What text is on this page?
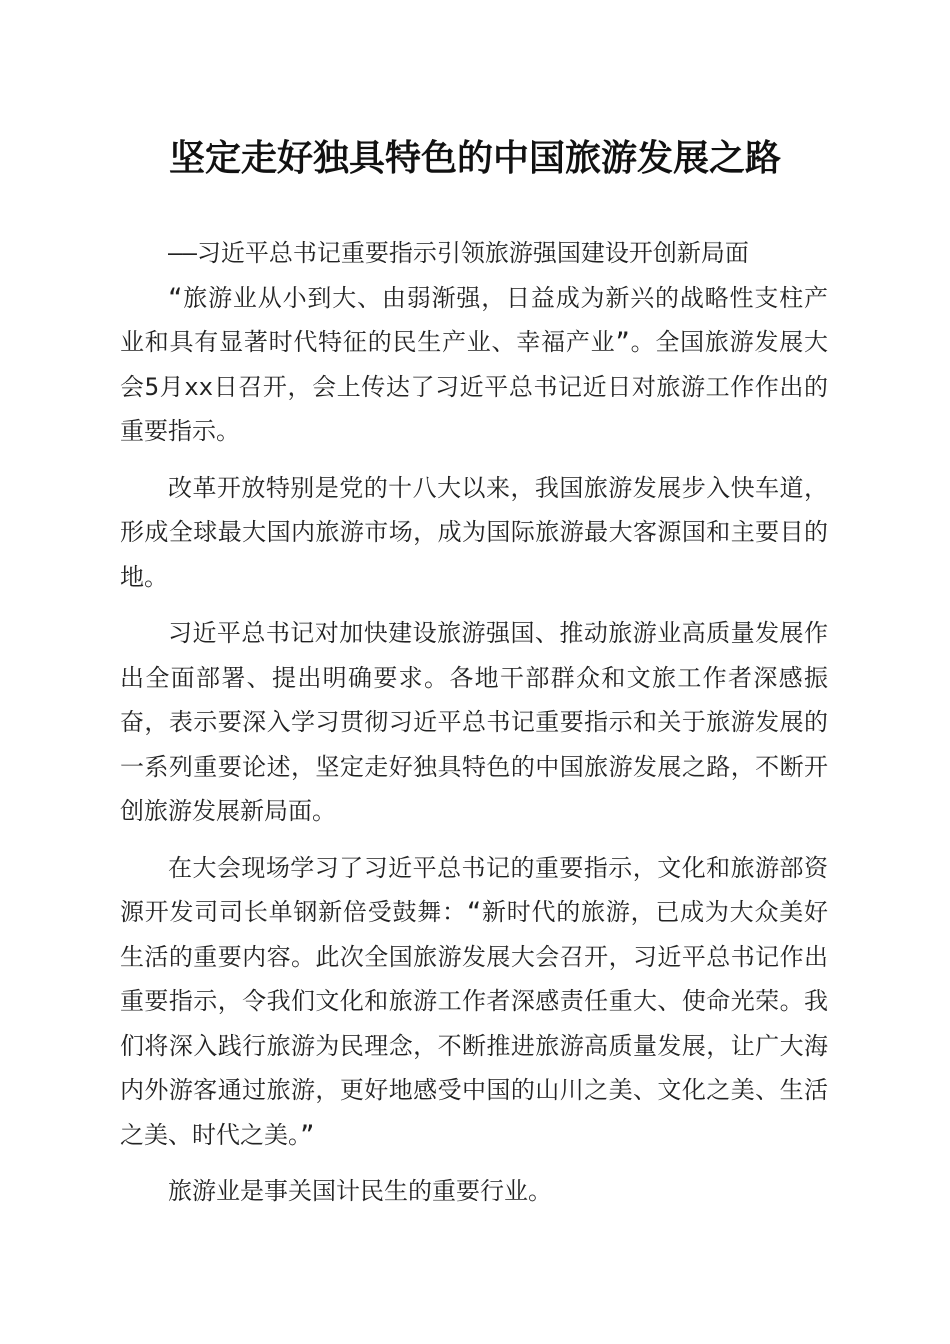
坚定走好独具特色的中国旅游发展之路

——习近平总书记重要指示引领旅游强国建设开创新局面

“旅游业从小到大、由弱渐强，日益成为新兴的战略性支柱产业和具有显著时代特征的民生产业、幸福产业”。全国旅游发展大会5月xx日召开，会上传达了习近平总书记近日对旅游工作作出的重要指示。

改革开放特别是党的十八大以来，我国旅游发展步入快车道，形成全球最大国内旅游市场，成为国际旅游最大客源国和主要目的地。

习近平总书记对加快建设旅游强国、推动旅游业高质量发展作出全面部署、提出明确要求。各地干部群众和文旅工作者深感振奋，表示要深入学习贯彻习近平总书记重要指示和关于旅游发展的一系列重要论述，坚定走好独具特色的中国旅游发展之路，不断开创旅游发展新局面。

在大会现场学习了习近平总书记的重要指示，文化和旅游部资源开发司司长单钢新倍受鼓舞：“新时代的旅游，已成为大众美好生活的重要内容。此次全国旅游发展大会召开，习近平总书记作出重要指示，令我们文化和旅游工作者深感责任重大、使命光荣。我们将深入践行旅游为民理念，不断推进旅游高质量发展，让广大海内外游客通过旅游，更好地感受中国的山川之美、文化之美、生活之美、时代之美。”

旅游业是事关国计民生的重要行业。
